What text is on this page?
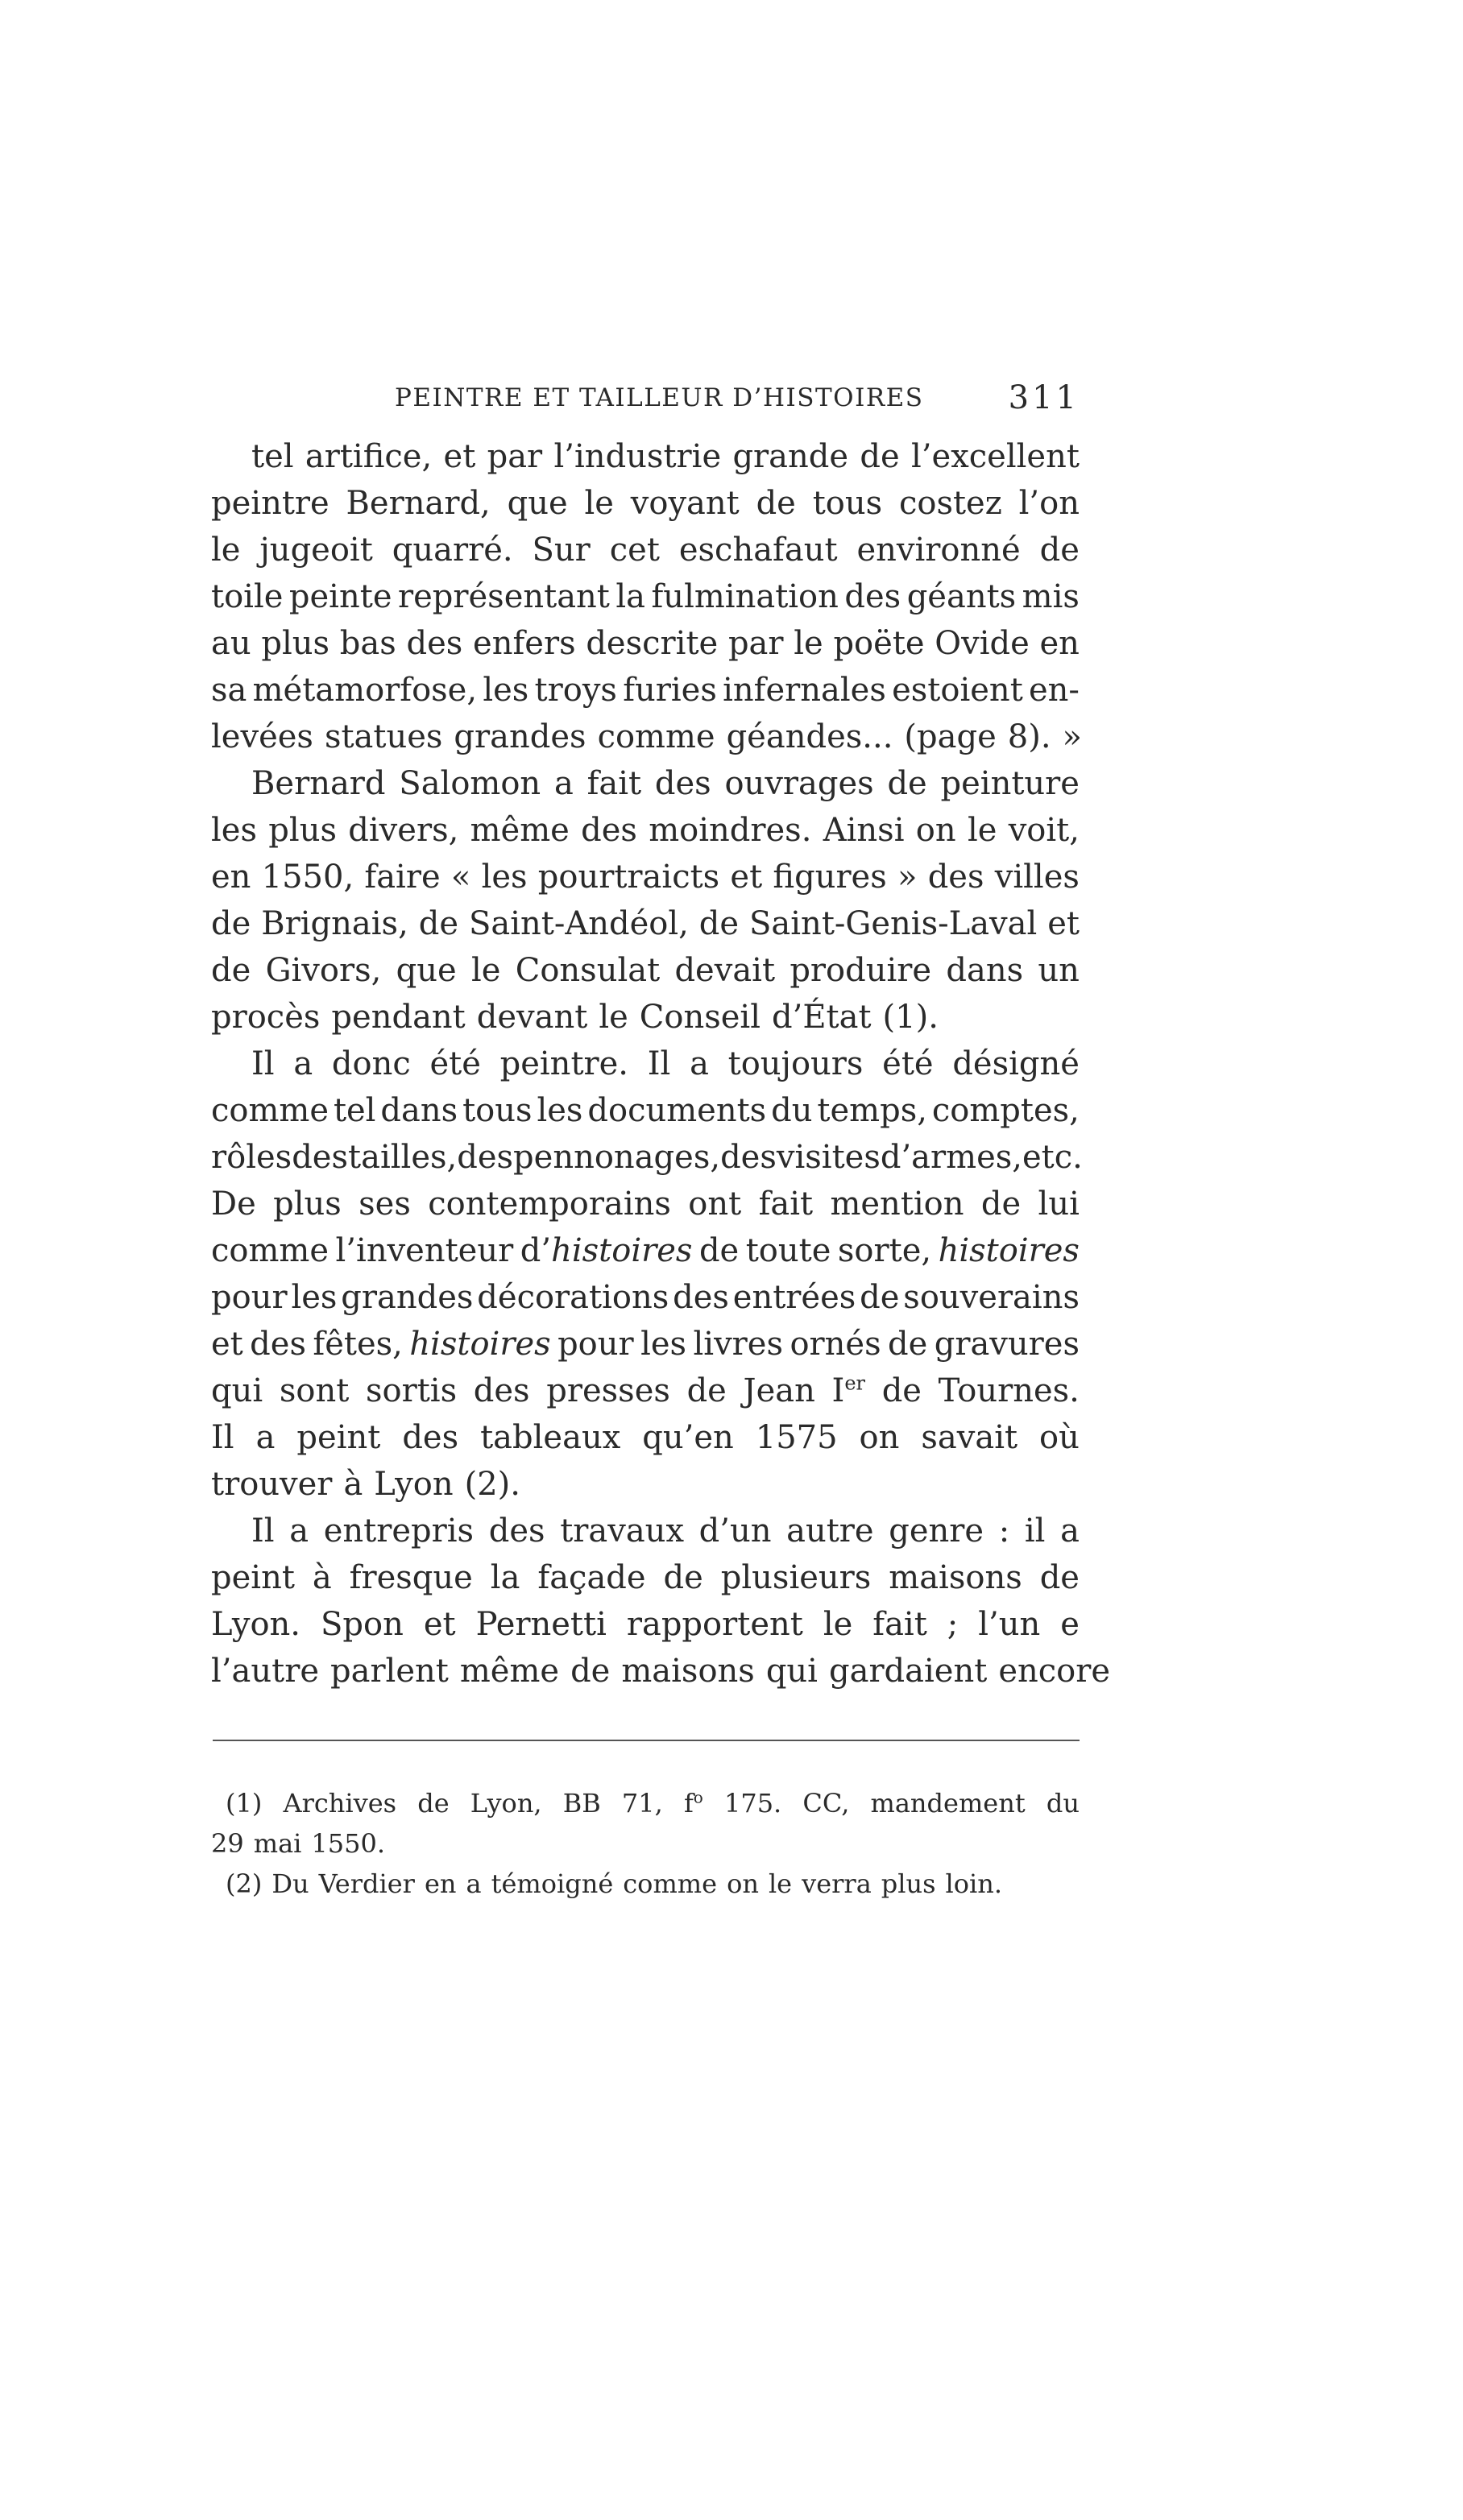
PEINTRE ET TAILLEUR D’HISTOIRES	311
tel artifice, et par l’industrie grande de l’excellent
peintre Bernard, que le voyant de tous costez l’on
le jugeoit quarré. Sur cet eschafaut environné de
toile peinte représentant la fulmination des géants mis
au plus bas des enfers descrite par le poëte Ovide en
sa métamorfose, les troys furies infernales estoient en-
levées statues grandes comme géandes... (page 8). »
Bernard Salomon a fait des ouvrages de peinture
les plus divers, même des moindres. Ainsi on le voit,
en 1550, faire « les pourtraicts et figures » des villes
de Brignais, de Saint-Andéol, de Saint-Genis-Laval et
de Givors, que le Consulat devait produire dans un
procès pendant devant le Conseil d’État (1).
Il a donc été peintre. Il a toujours été désigné
comme tel dans tous les documents du temps, comptes,
rôles des tailles, des pennonages, des visites d’armes, etc.
De plus ses contemporains ont fait mention de lui
comme l’inventeur d’histoires de toute sorte, histoires
pour les grandes décorations des entrées de souverains
et des fêtes, histoires pour les livres ornés de gravures
qui sont sortis des presses de Jean Ier de Tournes.
Il a peint des tableaux qu’en 1575 on savait où
trouver à Lyon (2).
Il a entrepris des travaux d’un autre genre : il a
peint à fresque la façade de plusieurs maisons de
Lyon. Spon et Pernetti rapportent le fait ; l’un e
l’autre parlent même de maisons qui gardaient encore
(1) Archives de Lyon, BB 71, $f^o$ 175. CC, mandement du
29 mai 1550.
(2) Du Verdier en a témoigné comme on le verra plus loin.
